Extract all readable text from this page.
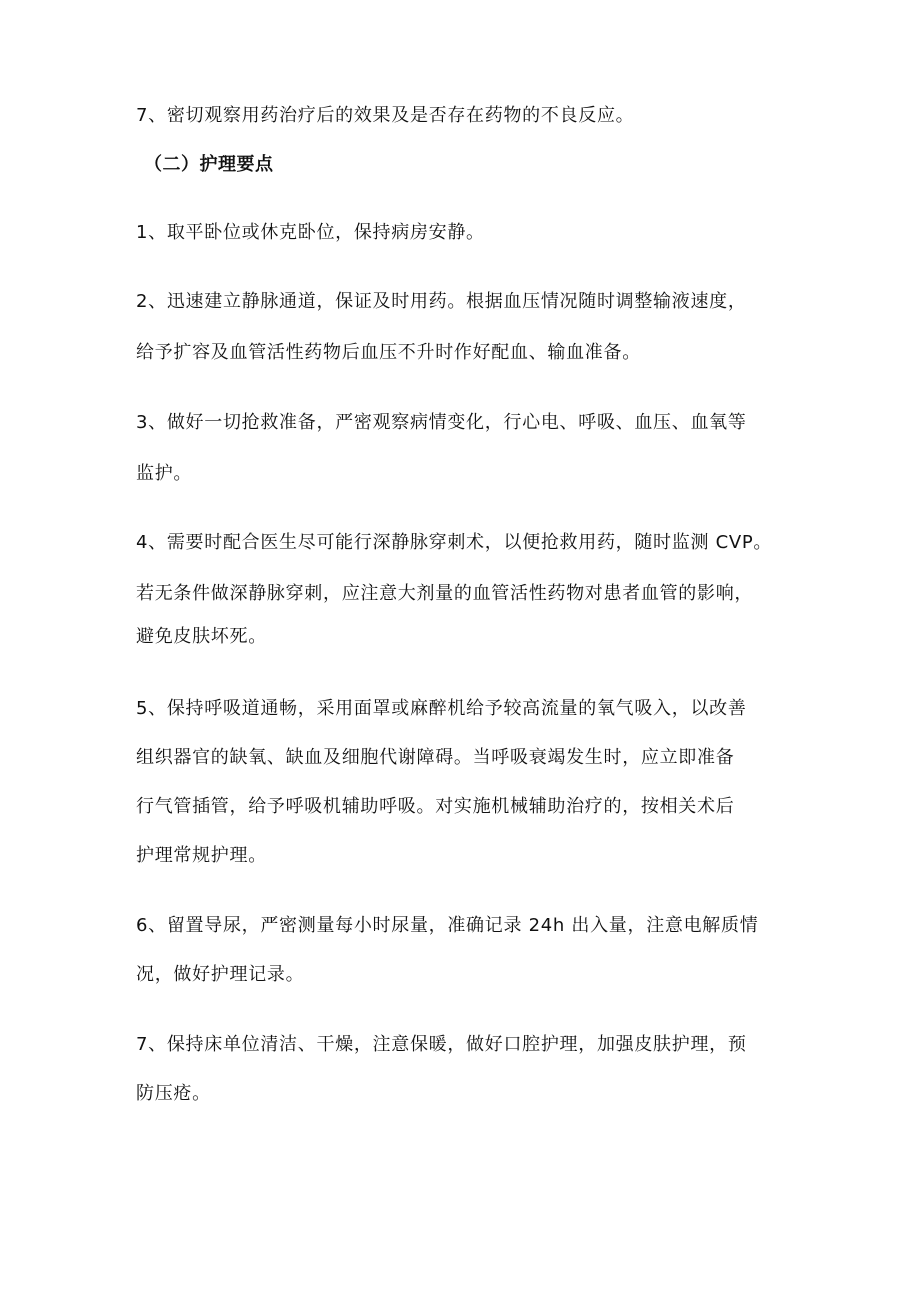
7、密切观察用药治疗后的效果及是否存在药物的不良反应。

（二）护理要点

1、取平卧位或休克卧位，保持病房安静。

2、迅速建立静脉通道，保证及时用药。根据血压情况随时调整输液速度，

给予扩容及血管活性药物后血压不升时作好配血、输血准备。

3、做好一切抢救准备，严密观察病情变化，行心电、呼吸、血压、血氧等

监护。

4、需要时配合医生尽可能行深静脉穿刺术，以便抢救用药，随时监测 CVP。

若无条件做深静脉穿刺，应注意大剂量的血管活性药物对患者血管的影响，

避免皮肤坏死。

5、保持呼吸道通畅，采用面罩或麻醉机给予较高流量的氧气吸入，以改善

组织器官的缺氧、缺血及细胞代谢障碍。当呼吸衰竭发生时，应立即准备

行气管插管，给予呼吸机辅助呼吸。对实施机械辅助治疗的，按相关术后

护理常规护理。

6、留置导尿，严密测量每小时尿量，准确记录 24h 出入量，注意电解质情

况，做好护理记录。

7、保持床单位清洁、干燥，注意保暖，做好口腔护理，加强皮肤护理，预

防压疮。
